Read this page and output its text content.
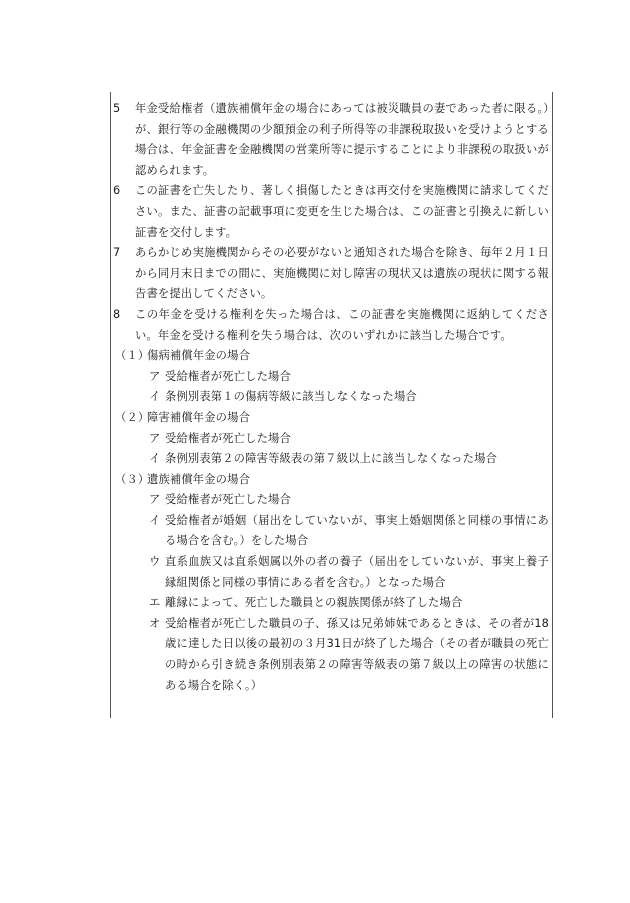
5	年金受給権者（遺族補償年金の場合にあっては被災職員の妻であった者に限る。）が、銀行等の金融機関の少額預金の利子所得等の非課税取扱いを受けようとする場合は、年金証書を金融機関の営業所等に提示することにより非課税の取扱いが認められます。
6	この証書を亡失したり、著しく損傷したときは再交付を実施機関に請求してください。また、証書の記載事項に変更を生じた場合は、この証書と引換えに新しい証書を交付します。
7	あらかじめ実施機関からその必要がないと通知された場合を除き、毎年２月１日から同月末日までの間に、実施機関に対し障害の現状又は遺族の現状に関する報告書を提出してください。
8	この年金を受ける権利を失った場合は、この証書を実施機関に返納してください。年金を受ける権利を失う場合は、次のいずれかに該当した場合です。
（１）
傷病補償年金の場合
ア 受給権者が死亡した場合
イ 条例別表第１の傷病等級に該当しなくなった場合
（２）
障害補償年金の場合
ア 受給権者が死亡した場合
イ 条例別表第２の障害等級表の第７級以上に該当しなくなった場合
（３）
遺族補償年金の場合
ア 受給権者が死亡した場合
イ 受給権者が婚姻（届出をしていないが、事実上婚姻関係と同様の事情にある場合を含む。）をした場合
ウ 直系血族又は直系姻属以外の者の養子（届出をしていないが、事実上養子縁組関係と同様の事情にある者を含む。）となった場合
エ 離縁によって、死亡した職員との親族関係が終了した場合
オ 受給権者が死亡した職員の子、孫又は兄弟姉妹であるときは、その者が18歳に達した日以後の最初の３月31日が終了した場合（その者が職員の死亡の時から引き続き条例別表第２の障害等級表の第７級以上の障害の状態にある場合を除く。）
